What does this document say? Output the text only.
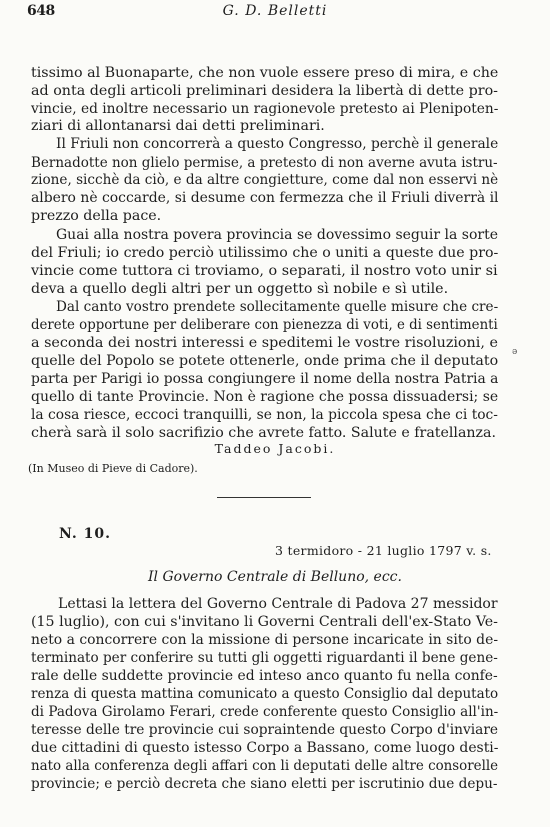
648	G. D. Belletti
tissimo al Buonaparte, che non vuole essere preso di mira, e che
ad onta degli articoli preliminari desidera la libertà di dette pro-
vincie, ed inoltre necessario un ragionevole pretesto ai Plenipoten-
ziari di allontanarsi dai detti preliminari.
Il Friuli non concorrerà a questo Congresso, perchè il generale
Bernadotte non glielo permise, a pretesto di non averne avuta istru-
zione, sicchè da ciò, e da altre congietture, come dal non esservi nè
albero nè coccarde, si desume con fermezza che il Friuli diverrà il
prezzo della pace.
Guai alla nostra povera provincia se dovessimo seguir la sorte
del Friuli; io credo perciò utilissimo che o uniti a queste due pro-
vincie come tuttora ci troviamo, o separati, il nostro voto unir si
deva a quello degli altri per un oggetto sì nobile e sì utile.
Dal canto vostro prendete sollecitamente quelle misure che cre-
derete opportune per deliberare con pienezza di voti, e di sentimenti
a seconda dei nostri interessi e speditemi le vostre risoluzioni, e
quelle del Popolo se potete ottenerle, onde prima che il deputato
parta per Parigi io possa congiungere il nome della nostra Patria a
quello di tante Provincie. Non è ragione che possa dissuadersi; se
la cosa riesce, eccoci tranquilli, se non, la piccola spesa che ci toc-
cherà sarà il solo sacrifizio che avrete fatto. Salute e fratellanza.
Taddeo Jacobi.
(In Museo di Pieve di Cadore).
ə
N. 10.
3 termidoro - 21 luglio 1797 v. s.
Il Governo Centrale di Belluno, ecc.
Lettasi la lettera del Governo Centrale di Padova 27 messidor
(15 luglio), con cui s'invitano li Governi Centrali dell'ex-Stato Ve-
neto a concorrere con la missione di persone incaricate in sito de-
terminato per conferire su tutti gli oggetti riguardanti il bene gene-
rale delle suddette provincie ed inteso anco quanto fu nella confe-
renza di questa mattina comunicato a questo Consiglio dal deputato
di Padova Girolamo Ferari, crede conferente questo Consiglio all'in-
teresse delle tre provincie cui sopraintende questo Corpo d'inviare
due cittadini di questo istesso Corpo a Bassano, come luogo desti-
nato alla conferenza degli affari con li deputati delle altre consorelle
provincie; e perciò decreta che siano eletti per iscrutinio due depu-
